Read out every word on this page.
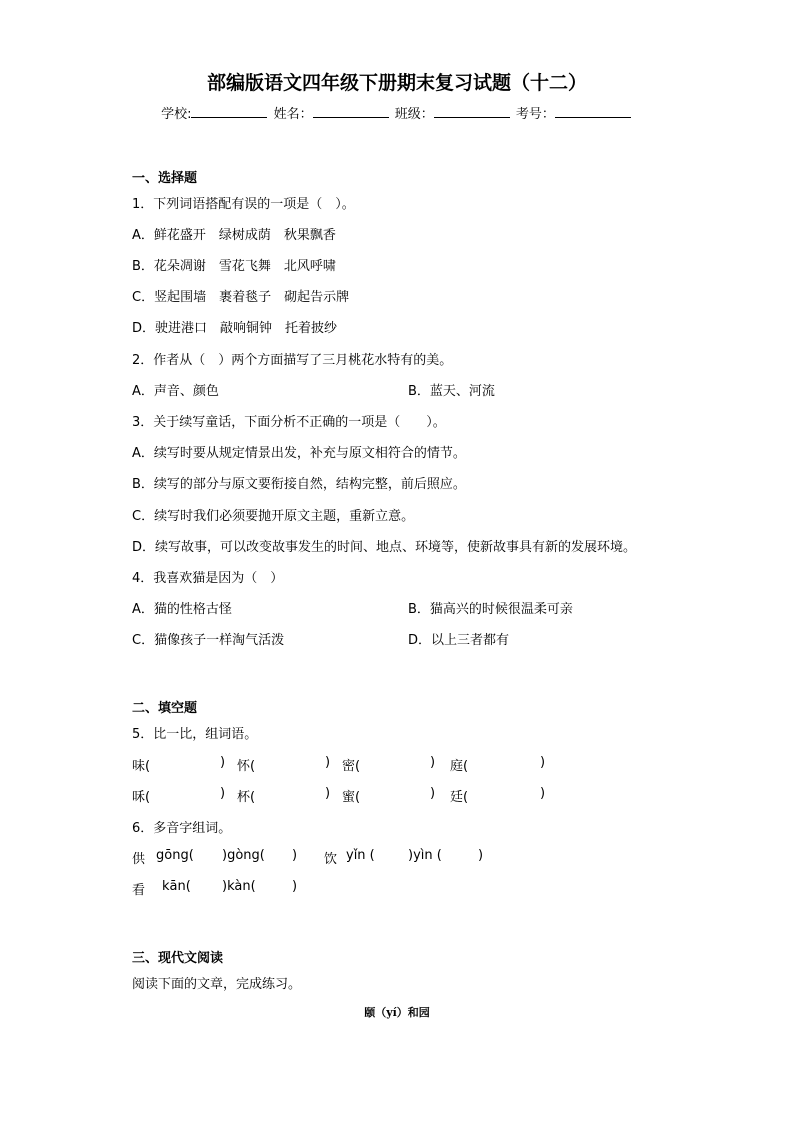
部编版语文四年级下册期末复习试题（十二）
学校:	姓名：	班级：	考号：
一、选择题
1．下列词语搭配有误的一项是（　）。
A．鲜花盛开　绿树成荫　秋果飘香
B．花朵凋谢　雪花飞舞　北风呼啸
C．竖起围墙　裹着毯子　砌起告示牌
D．驶进港口　敲响铜钟　托着披纱
2．作者从（　）两个方面描写了三月桃花水特有的美。
A．声音、颜色	B．蓝天、河流
3．关于续写童话，下面分析不正确的一项是（　　）。
A．续写时要从规定情景出发，补充与原文相符合的情节。
B．续写的部分与原文要衔接自然，结构完整，前后照应。
C．续写时我们必须要抛开原文主题，重新立意。
D．续写故事，可以改变故事发生的时间、地点、环境等，使新故事具有新的发展环境。
4．我喜欢猫是因为（　）
A．猫的性格古怪	B．猫高兴的时候很温柔可亲
C．猫像孩子一样淘气活泼	D．以上三者都有
二、填空题
5．比一比，组词语。
味(	) 怀(	) 密(	) 庭(	)
咊(	) 杯(	) 蜜(	) 廷(	)
6．多音字组词。
供 gōng( )gòng( ) 饮 yǐn (	)yìn (	)
看 kān( )kàn(	)
三、现代文阅读
阅读下面的文章，完成练习。
颐（yí）和园
